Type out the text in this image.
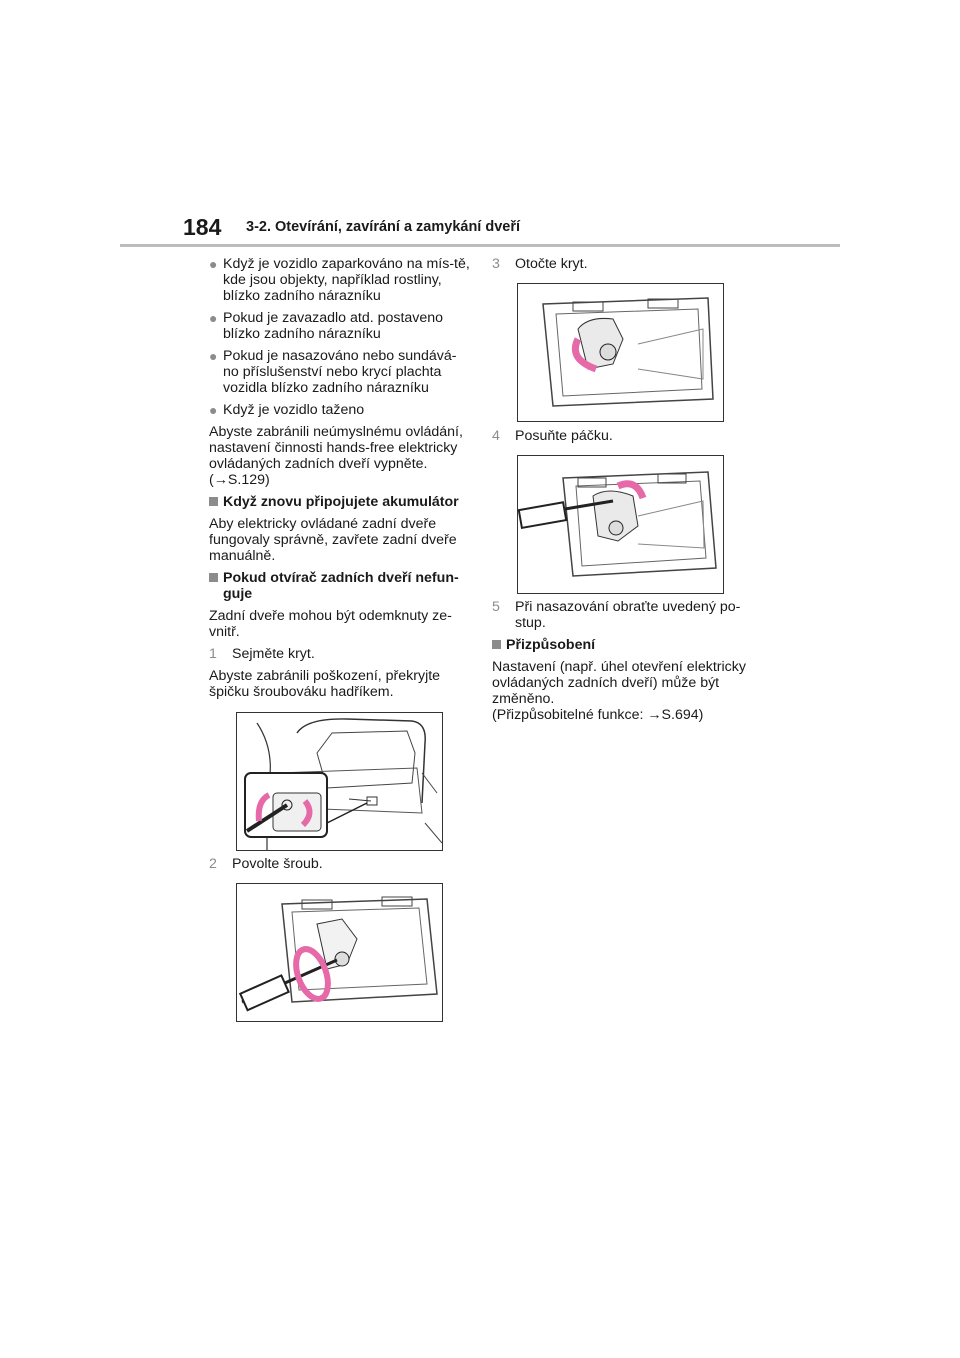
184 3-2. Otevírání, zavírání a zamykání dveří
● Když je vozidlo zaparkováno na mís-tě, kde jsou objekty, například rostliny, blízko zadního nárazníku

● Pokud je zavazadlo atd. postaveno blízko zadního nárazníku

● Pokud je nasazováno nebo sundává-no příslušenství nebo krycí plachta vozidla blízko zadního nárazníku

● Když je vozidlo taženo

Abyste zabránili neúmyslnému ovládání, nastavení činnosti hands-free elektricky ovládaných zadních dveří vypněte.

(→S.129)

Když znovu připojujete akumulátor

Aby elektricky ovládané zadní dveře fungovaly správně, zavřete zadní dveře manuálně.

Pokud otvírač zadních dveří nefun-guje

Zadní dveře mohou být odemknuty ze-vnitř.

1	Sejměte kryt.

Abyste zabránili poškození, překryjte špičku šroubováku hadříkem.

2	Povolte šroub.
3	Otočte kryt.
4	Posuňte páčku.
5	Při nasazování obraťte uvedený po-stup.
Přizpůsobení

Nastavení (např. úhel otevření elektricky ovládaných zadních dveří) může být změněno.

(Přizpůsobitelné funkce: →S.694)
